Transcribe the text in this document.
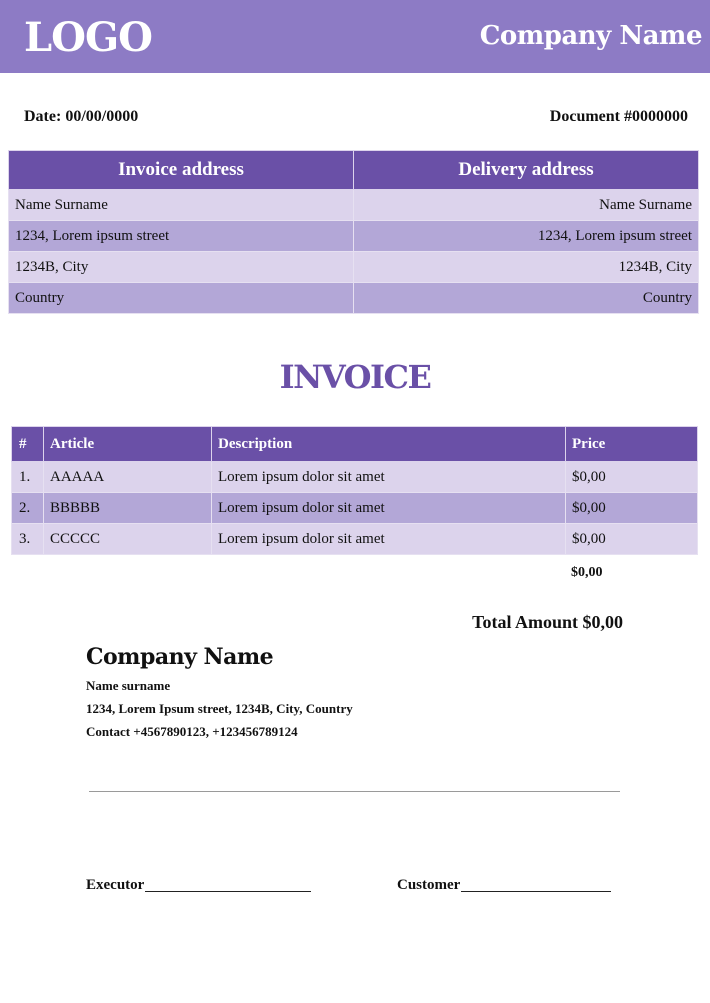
LOGO	Company Name
Date: 00/00/0000	Document #0000000
Invoice address	Delivery address
Name Surname	Name Surname
1234, Lorem ipsum street	1234, Lorem ipsum street
1234B, City	1234B, City
Country	Country
INVOICE
#	Article	Description	Price
1.	AAAAA	Lorem ipsum dolor sit amet	$0,00
2.	BBBBB	Lorem ipsum dolor sit amet	$0,00
3.	CCCCC	Lorem ipsum dolor sit amet	$0,00
$0,00
Total Amount $0,00
Company Name
Name surname
1234, Lorem Ipsum street, 1234B, City, Country
Contact +4567890123, +123456789124
Executor	Customer
